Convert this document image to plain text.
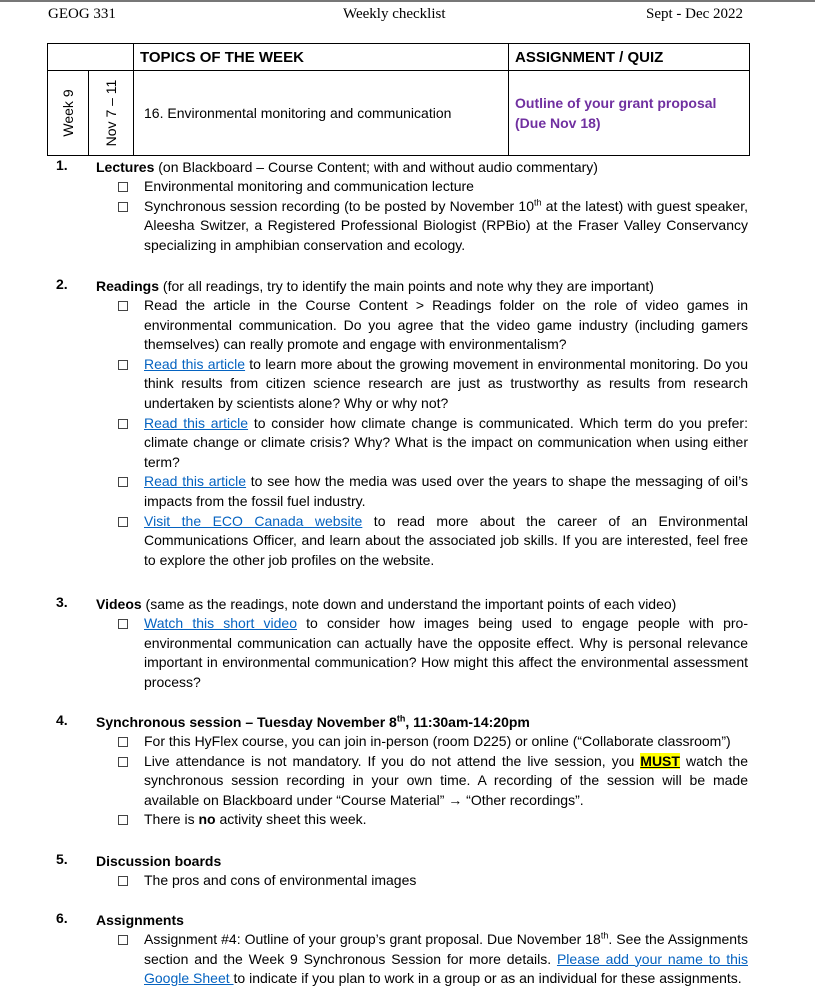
GEOG 331	Weekly checklist	Sept - Dec 2022
		TOPICS OF THE WEEK	ASSIGNMENT / QUIZ

Week 9	Nov 7 – 11	16. Environmental monitoring and communication	Outline of your grant proposal
(Due Nov 18)
1. Lectures (on Blackboard – Course Content; with and without audio commentary)
Environmental monitoring and communication lecture
Synchronous session recording (to be posted by November 10th at the latest) with guest speaker, Aleesha Switzer, a Registered Professional Biologist (RPBio) at the Fraser Valley Conservancy specializing in amphibian conservation and ecology.
2. Readings (for all readings, try to identify the main points and note why they are important)
Read the article in the Course Content > Readings folder on the role of video games in environmental communication. Do you agree that the video game industry (including gamers themselves) can really promote and engage with environmentalism?
Read this article to learn more about the growing movement in environmental monitoring. Do you think results from citizen science research are just as trustworthy as results from research undertaken by scientists alone? Why or why not?
Read this article to consider how climate change is communicated. Which term do you prefer: climate change or climate crisis? Why? What is the impact on communication when using either term?
Read this article to see how the media was used over the years to shape the messaging of oil’s impacts from the fossil fuel industry.
Visit the ECO Canada website to read more about the career of an Environmental Communications Officer, and learn about the associated job skills. If you are interested, feel free to explore the other job profiles on the website.
3. Videos (same as the readings, note down and understand the important points of each video)
Watch this short video to consider how images being used to engage people with pro-environmental communication can actually have the opposite effect. Why is personal relevance important in environmental communication? How might this affect the environmental assessment process?
4. Synchronous session – Tuesday November 8th, 11:30am-14:20pm
For this HyFlex course, you can join in-person (room D225) or online (“Collaborate classroom”)
Live attendance is not mandatory. If you do not attend the live session, you MUST watch the synchronous session recording in your own time. A recording of the session will be made available on Blackboard under “Course Material” → “Other recordings”.
There is no activity sheet this week.
5. Discussion boards
The pros and cons of environmental images
6. Assignments
Assignment #4: Outline of your group’s grant proposal. Due November 18th. See the Assignments section and the Week 9 Synchronous Session for more details. Please add your name to this Google Sheet to indicate if you plan to work in a group or as an individual for these assignments.
